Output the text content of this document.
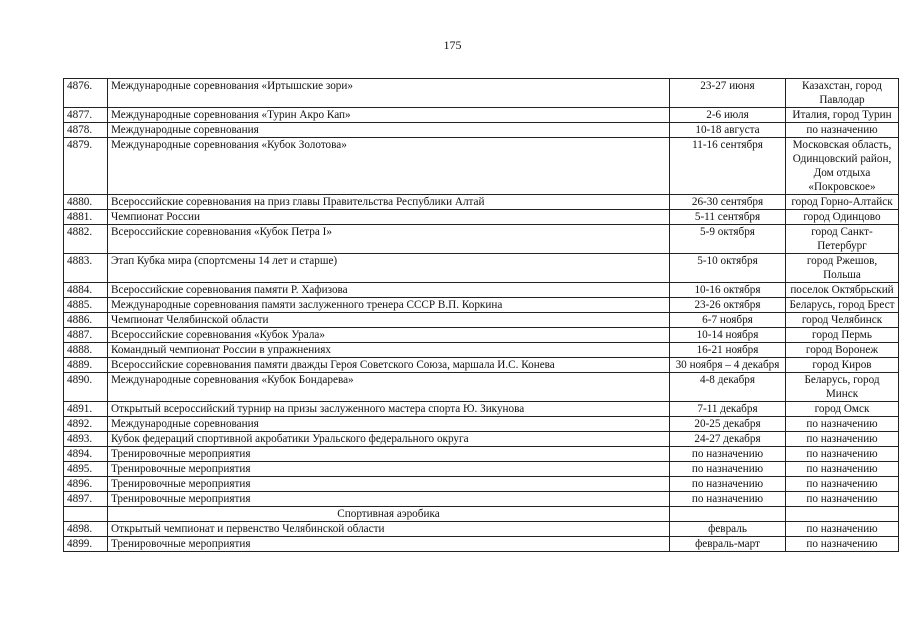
175
4876.	Международные соревнования «Иртышские зори»	23-27 июня	Казахстан, город Павлодар
4877.	Международные соревнования «Турин Акро Кап»	2-6 июля	Италия, город Турин
4878.	Международные соревнования	10-18 августа	по назначению
4879.	Международные соревнования «Кубок Золотова»	11-16 сентября	Московская область, Одинцовский район, Дом отдыха «Покровское»
4880.	Всероссийские соревнования на приз главы Правительства Республики Алтай	26-30 сентября	город Горно-Алтайск
4881.	Чемпионат России	5-11 сентября	город Одинцово
4882.	Всероссийские соревнования «Кубок Петра I»	5-9 октября	город Санкт-Петербург
4883.	Этап Кубка мира (спортсмены 14 лет и старше)	5-10 октября	город Ржешов, Польша
4884.	Всероссийские соревнования памяти Р. Хафизова	10-16 октября	поселок Октябрьский
4885.	Международные соревнования памяти заслуженного тренера СССР В.П. Коркина	23-26 октября	Беларусь, город Брест
4886.	Чемпионат Челябинской области	6-7 ноября	город Челябинск
4887.	Всероссийские соревнования «Кубок Урала»	10-14 ноября	город Пермь
4888.	Командный чемпионат России в упражнениях	16-21 ноября	город Воронеж
4889.	Всероссийские соревнования памяти дважды Героя Советского Союза, маршала И.С. Конева	30 ноября – 4 декабря	город Киров
4890.	Международные соревнования «Кубок Бондарева»	4-8 декабря	Беларусь, город Минск
4891.	Открытый всероссийский турнир на призы заслуженного мастера спорта Ю. Зикунова	7-11 декабря	город Омск
4892.	Международные соревнования	20-25 декабря	по назначению
4893.	Кубок федераций спортивной акробатики Уральского федерального округа	24-27 декабря	по назначению
4894.	Тренировочные мероприятия	по назначению	по назначению
4895.	Тренировочные мероприятия	по назначению	по назначению
4896.	Тренировочные мероприятия	по назначению	по назначению
4897.	Тренировочные мероприятия	по назначению	по назначению
	Спортивная аэробика		
4898.	Открытый чемпионат и первенство Челябинской области	февраль	по назначению
4899.	Тренировочные мероприятия	февраль-март	по назначению
